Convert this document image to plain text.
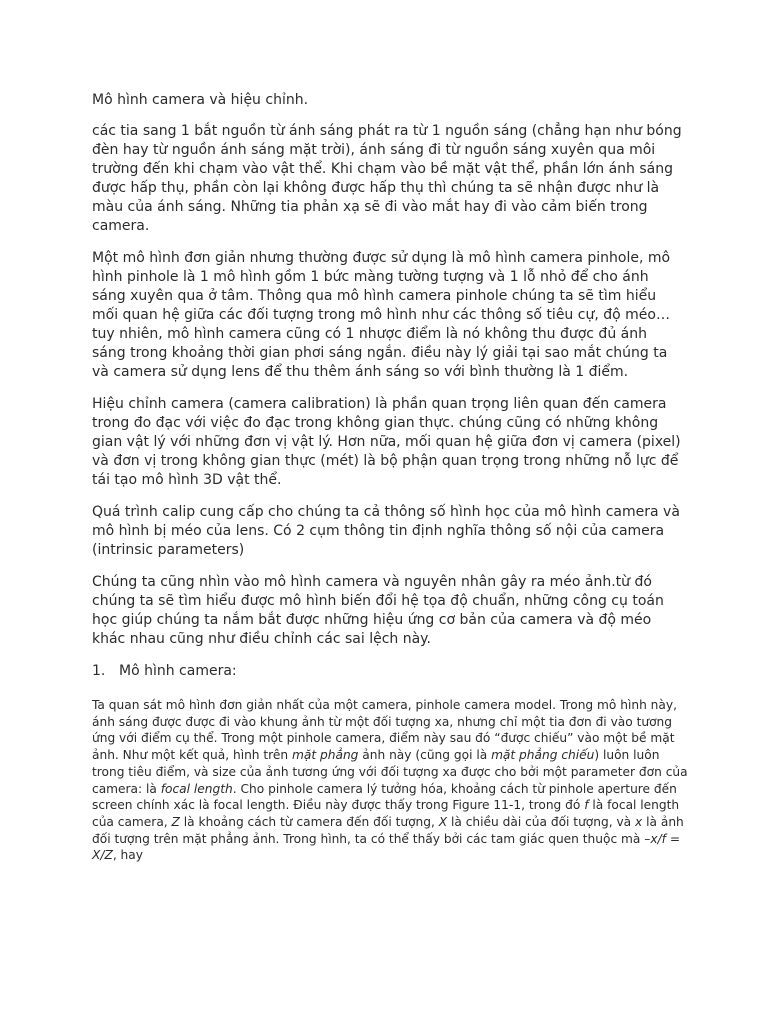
Mô hình camera và hiệu chỉnh.

các tia sang 1 bắt nguồn từ ánh sáng phát ra từ 1 nguồn sáng (chẳng hạn như bóng đèn hay từ nguồn ánh sáng mặt trời), ánh sáng đi từ nguồn sáng xuyên qua môi trường đến khi chạm vào vật thể. Khi chạm vào bề mặt vật thể, phần lớn ánh sáng được hấp thụ, phần còn lại không được hấp thụ thì chúng ta sẽ nhận được như là màu của ánh sáng. Những tia phản xạ sẽ đi vào mắt hay đi vào cảm biến trong camera.

Một mô hình đơn giản nhưng thường được sử dụng là mô hình camera pinhole, mô hình pinhole là 1 mô hình gồm 1 bức màng tường tượng và 1 lỗ nhỏ để cho ánh sáng xuyên qua ở tâm. Thông qua mô hình camera pinhole chúng ta sẽ tìm hiểu mối quan hệ giữa các đối tượng trong mô hình như các thông số tiêu cự, độ méo… tuy nhiên, mô hình camera cũng có 1 nhược điểm là nó không thu được đủ ánh sáng trong khoảng thời gian phơi sáng ngắn. điều này lý giải tại sao mắt chúng ta và camera sử dụng lens để thu thêm ánh sáng so với bình thường là 1 điểm.

Hiệu chỉnh camera (camera calibration) là phần quan trọng liên quan đến camera trong đo đạc với việc đo đạc trong không gian thực. chúng cũng có những không gian vật lý với những đơn vị vật lý. Hơn nữa, mối quan hệ giữa đơn vị camera (pixel) và đơn vị trong không gian thực (mét) là bộ phận quan trọng trong những nỗ lực để tái tạo mô hình 3D vật thể.

Quá trình calip cung cấp cho chúng ta cả thông số hình học của mô hình camera và mô hình bị méo của lens. Có 2 cụm thông tin định nghĩa thông số nội của camera (intrinsic parameters)

Chúng ta cũng nhìn vào mô hình camera và nguyên nhân gây ra méo ảnh.từ đó chúng ta sẽ tìm hiểu được mô hình biến đổi hệ tọa độ chuẩn, những công cụ toán học giúp chúng ta nắm bắt được những hiệu ứng cơ bản của camera và độ méo khác nhau cũng như điều chỉnh các sai lệch này.

1. Mô hình camera:

Ta quan sát mô hình đơn giản nhất của một camera, pinhole camera model. Trong mô hình này, ánh sáng được được đi vào khung ảnh từ một đối tượng xa, nhưng chỉ một tia đơn đi vào tương ứng với điểm cụ thể. Trong một pinhole camera, điểm này sau đó “được chiếu” vào một bề mặt ảnh. Như một kết quả, hình trên mặt phẳng ảnh này (cũng gọi là mặt phẳng chiếu) luôn luôn trong tiêu điểm, và size của ảnh tương ứng với đối tượng xa được cho bởi một parameter đơn của camera: là focal length. Cho pinhole camera lý tưởng hóa, khoảng cách từ pinhole aperture đến screen chính xác là focal length. Điều này được thấy trong Figure 11-1, trong đó f là focal length của camera, Z là khoảng cách từ camera đến đối tượng, X là chiều dài của đối tượng, và x là ảnh đối tượng trên mặt phẳng ảnh. Trong hình, ta có thể thấy bởi các tam giác quen thuộc mà –x/f = X/Z, hay
